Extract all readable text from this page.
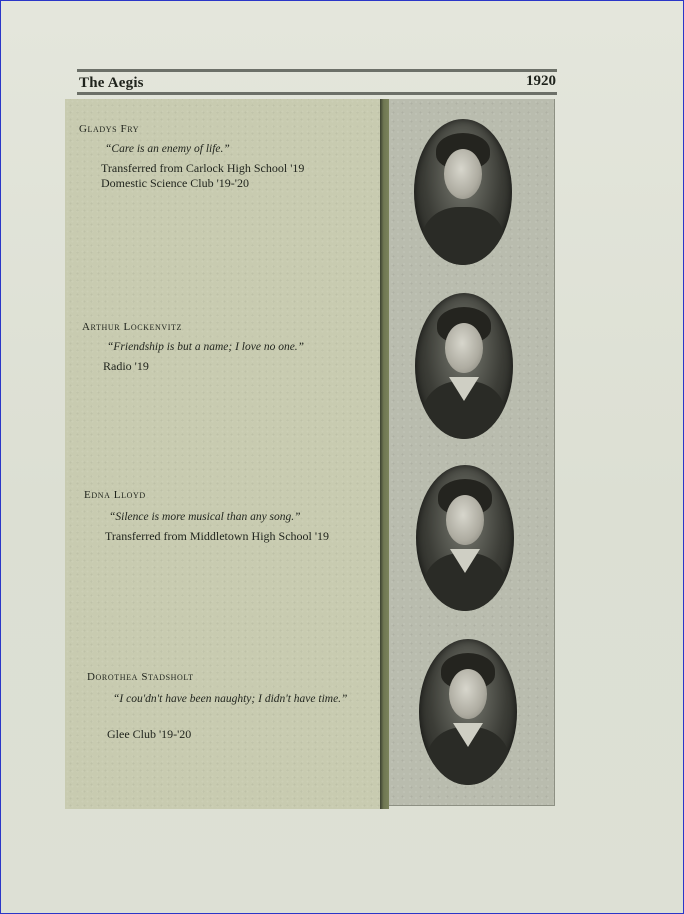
The Aegis	1920
Gladys Fry
“Care is an enemy of life.”
Transferred from Carlock High School '19
Domestic Science Club '19-'20
Arthur Lockenvitz
“Friendship is but a name; I love no one.”
Radio '19
Edna Lloyd
“Silence is more musical than any song.”
Transferred from Middletown High School '19
Dorothea Stadsholt
“I cou'dn't have been naughty; I didn't have time.”
Glee Club '19-'20
